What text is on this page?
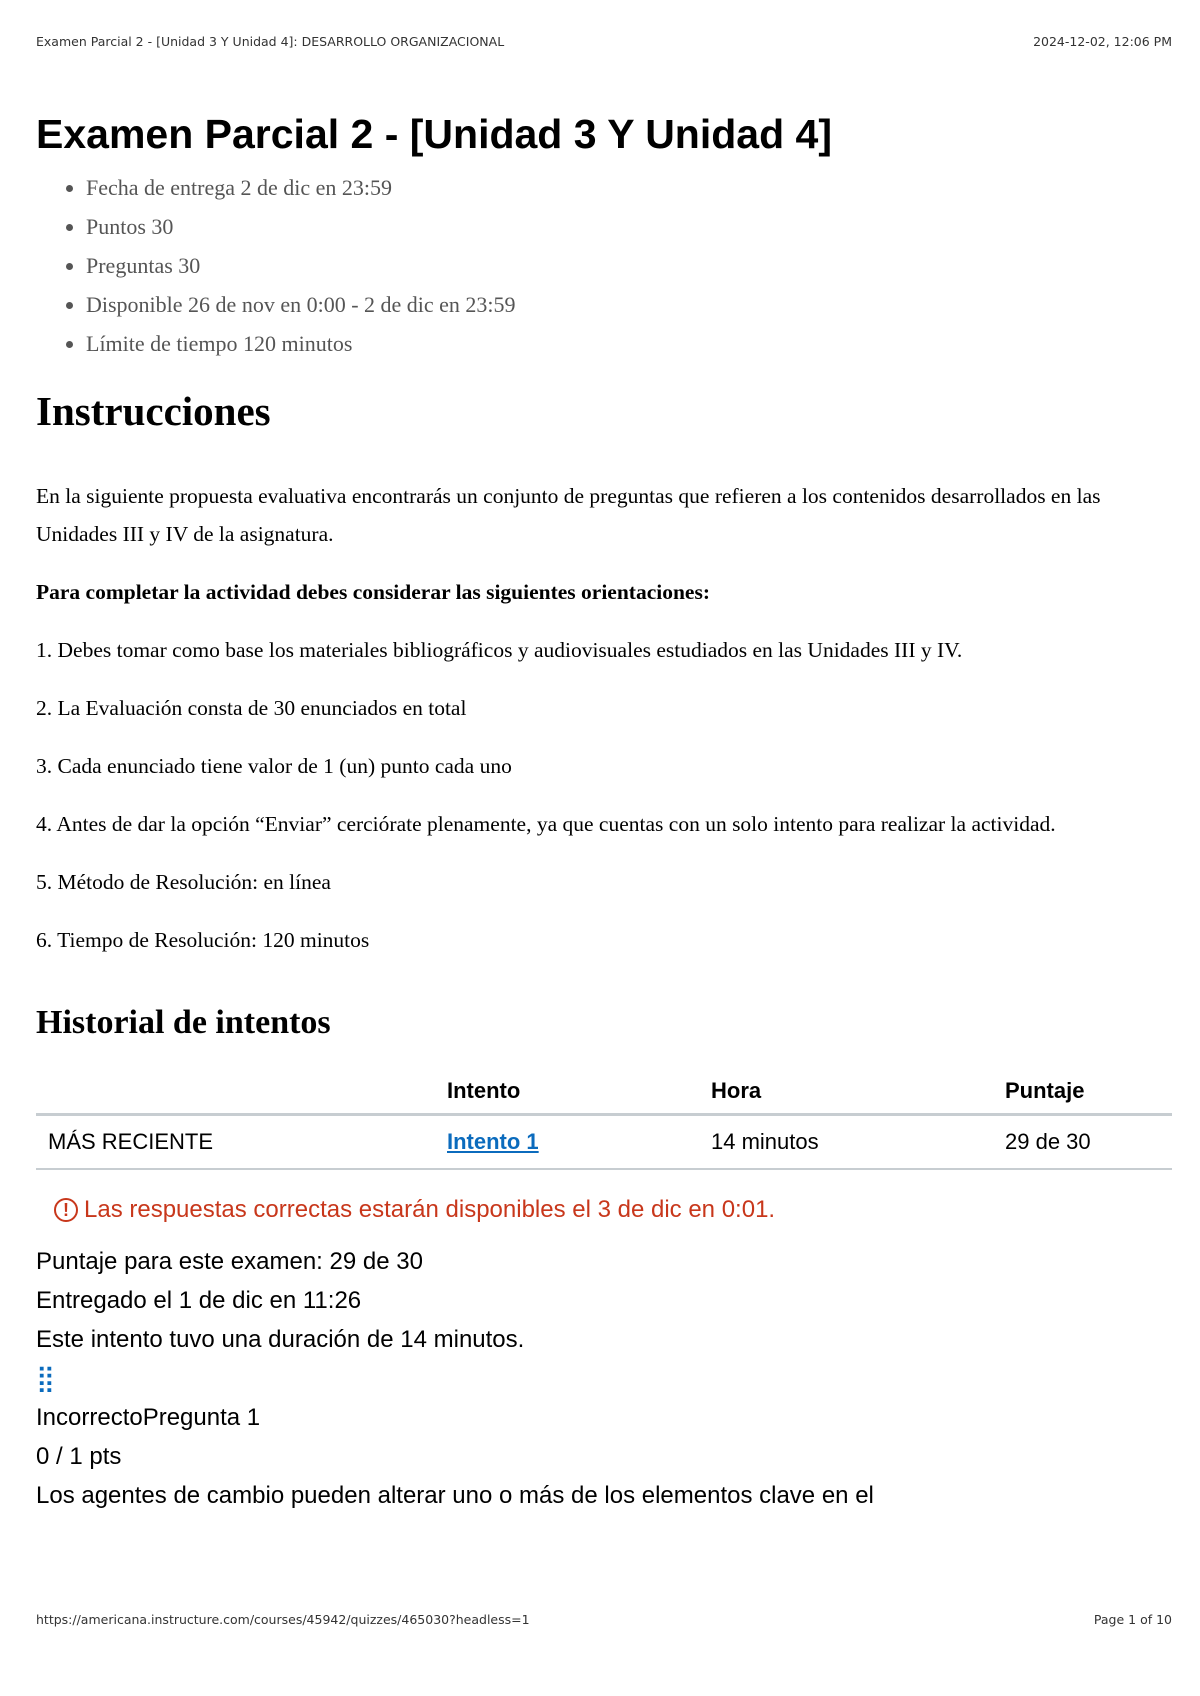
Examen Parcial 2 - [Unidad 3 Y Unidad 4]: DESARROLLO ORGANIZACIONAL	2024-12-02, 12:06 PM
Examen Parcial 2 - [Unidad 3 Y Unidad 4]
Fecha de entrega 2 de dic en 23:59
Puntos 30
Preguntas 30
Disponible 26 de nov en 0:00 - 2 de dic en 23:59
Límite de tiempo 120 minutos
Instrucciones

En la siguiente propuesta evaluativa encontrarás un conjunto de preguntas que refieren a los contenidos desarrollados en las Unidades III y IV de la asignatura.

Para completar la actividad debes considerar las siguientes orientaciones:

1. Debes tomar como base los materiales bibliográficos y audiovisuales estudiados en las Unidades III y IV.

2. La Evaluación consta de 30 enunciados en total

3. Cada enunciado tiene valor de 1 (un) punto cada uno

4. Antes de dar la opción “Enviar” cerciórate plenamente, ya que cuentas con un solo intento para realizar la actividad.

5. Método de Resolución: en línea

6. Tiempo de Resolución: 120 minutos

Historial de intentos
	Intento	Hora	Puntaje
MÁS RECIENTE	Intento 1	14 minutos	29 de 30
! Las respuestas correctas estarán disponibles el 3 de dic en 0:01.
Puntaje para este examen: 29 de 30
Entregado el 1 de dic en 11:26
Este intento tuvo una duración de 14 minutos.
⣿
IncorrectoPregunta 1
0 / 1 pts
Los agentes de cambio pueden alterar uno o más de los elementos clave en el
https://americana.instructure.com/courses/45942/quizzes/465030?headless=1	Page 1 of 10
